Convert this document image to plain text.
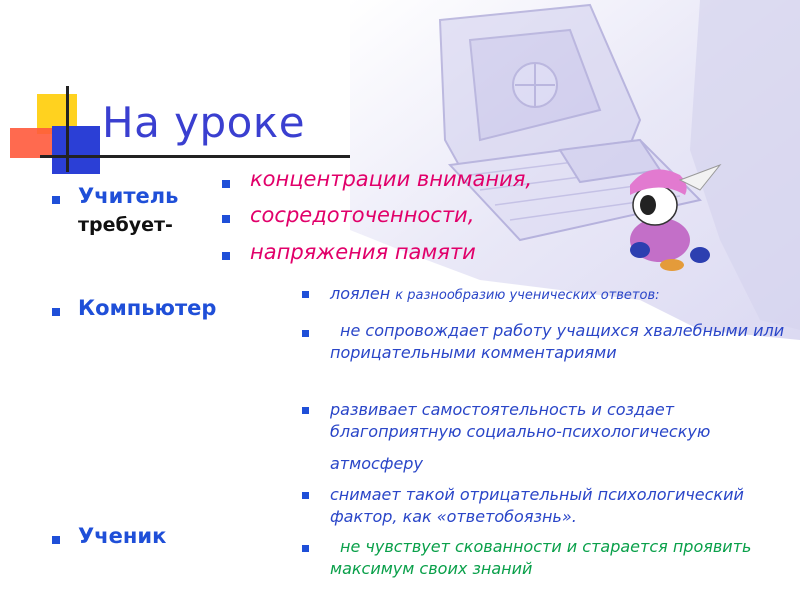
На уроке
Учитель
требует-
концентрации внимания,
сосредоточенности,
напряжения памяти
Компьютер
лоялен к разнообразию ученических ответов:
не сопровождает работу учащихся хвалебными или порицательными комментариями
развивает самостоятельность и создает благоприятную социально-психологическую
атмосферу
снимает такой отрицательный психологический фактор, как «ответобоязнь».
Ученик	не чувствует скованности и старается проявить максимум своих знаний
